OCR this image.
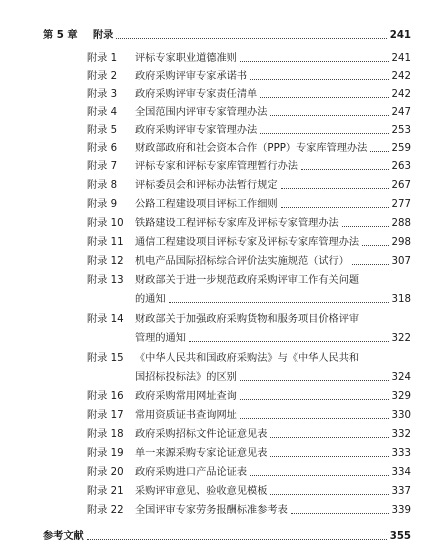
第 5 章	附录	241
附录 1	评标专家职业道德准则	241
附录 2	政府采购评审专家承诺书	242
附录 3	政府采购评审专家责任清单	242
附录 4	全国范围内评审专家管理办法	247
附录 5	政府采购评审专家管理办法	253
附录 6	财政部政府和社会资本合作（PPP）专家库管理办法 259
附录 7	评标专家和评标专家库管理暂行办法	263
附录 8	评标委员会和评标办法暂行规定	267
附录 9	公路工程建设项目评标工作细则	277
附录 10	铁路建设工程评标专家库及评标专家管理办法	288
附录 11	通信工程建设项目评标专家及评标专家库管理办法	298
附录 12	机电产品国际招标综合评价法实施规范（试行）	307
附录 13	财政部关于进一步规范政府采购评审工作有关问题
的通知	318
附录 14	财政部关于加强政府采购货物和服务项目价格评审
管理的通知	322
附录 15	《中华人民共和国政府采购法》与《中华人民共和
国招标投标法》的区别	324
附录 16	政府采购常用网址查询	329
附录 17	常用资质证书查询网址	330
附录 18	政府采购招标文件论证意见表	332
附录 19	单一来源采购专家论证意见表	333
附录 20	政府采购进口产品论证表	334
附录 21	采购评审意见、验收意见模板	337
附录 22	全国评审专家劳务报酬标准参考表	339
参考文献	355
